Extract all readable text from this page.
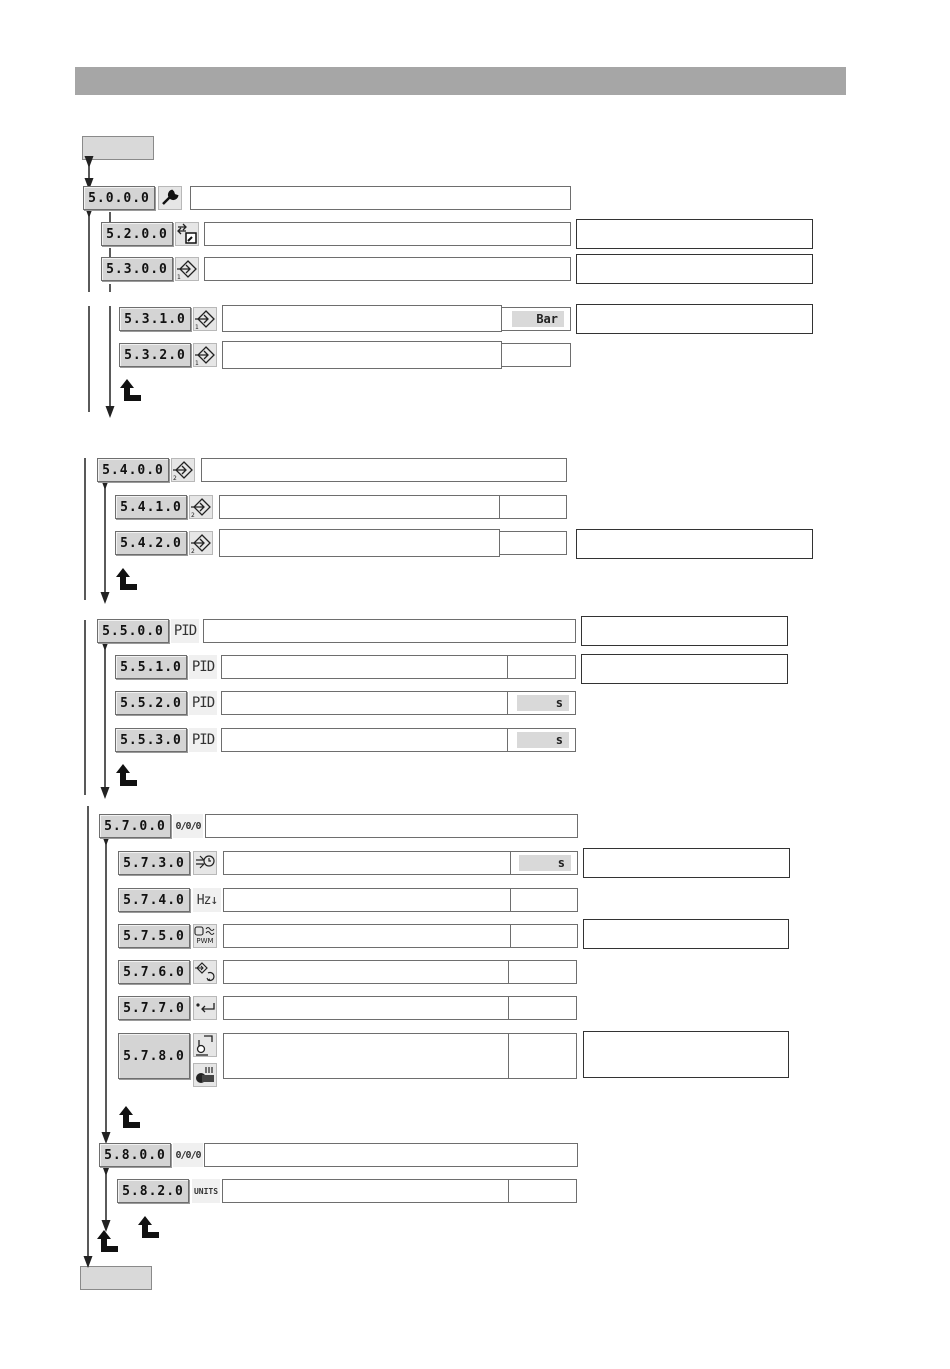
5.0.0.0
5.2.0.0
5.3.0.0
1
5.3.1.0
1
Bar
5.3.2.0
1
5.4.0.0
2
5.4.1.0
2
5.4.2.0
2
5.5.0.0 PID
5.5.1.0 PID
5.5.2.0 PID	s
5.5.3.0 PID	s
5.7.0.0 0/0/0
5.7.3.0	s
5.7.4.0 Hz ↓
5.7.5.0	PWM
5.7.6.0
5.7.7.0
5.7.8.0
5.8.0.0 0/0/0
5.8.2.0	UNITS
